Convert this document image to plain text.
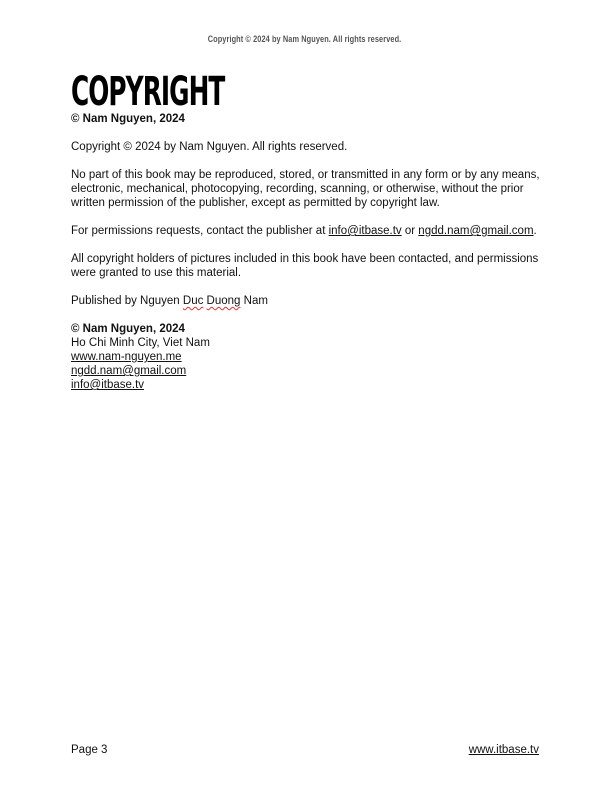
Copyright © 2024 by Nam Nguyen. All rights reserved.
COPYRIGHT
© Nam Nguyen, 2024

Copyright © 2024 by Nam Nguyen. All rights reserved.

No part of this book may be reproduced, stored, or transmitted in any form or by any means, electronic, mechanical, photocopying, recording, scanning, or otherwise, without the prior written permission of the publisher, except as permitted by copyright law.

For permissions requests, contact the publisher at info@itbase.tv or ngdd.nam@gmail.com.

All copyright holders of pictures included in this book have been contacted, and permissions were granted to use this material.

Published by Nguyen Duc Duong Nam

© Nam Nguyen, 2024
Ho Chi Minh City, Viet Nam
www.nam-nguyen.me
ngdd.nam@gmail.com
info@itbase.tv
Page 3	www.itbase.tv
